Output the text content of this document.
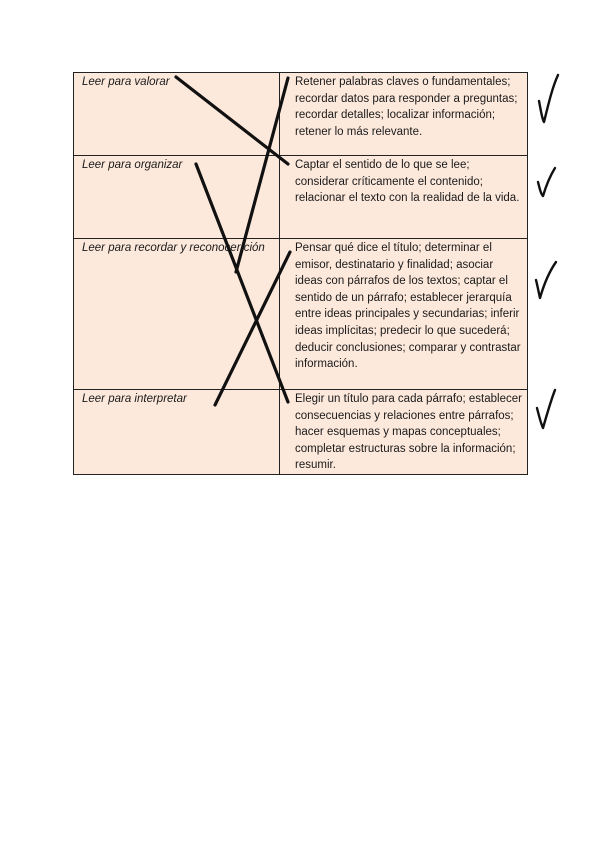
Leer para valorar	Retener palabras claves o fundamentales; recordar datos para responder a preguntas; recordar detalles; localizar información; retener lo más relevante.

Leer para organizar	Captar el sentido de lo que se lee; considerar críticamente el contenido; relacionar el texto con la realidad de la vida.

Leer para recordar y reconocer ción	Pensar qué dice el título; determinar el emisor, destinatario y finalidad; asociar ideas con párrafos de los textos; captar el sentido de un párrafo; establecer jerarquía entre ideas principales y secundarias; inferir ideas implícitas; predecir lo que sucederá; deducir conclusiones; comparar y contrastar información.

Leer para interpretar	Elegir un título para cada párrafo; establecer consecuencias y relaciones entre párrafos; hacer esquemas y mapas conceptuales; completar estructuras sobre la información; resumir.
